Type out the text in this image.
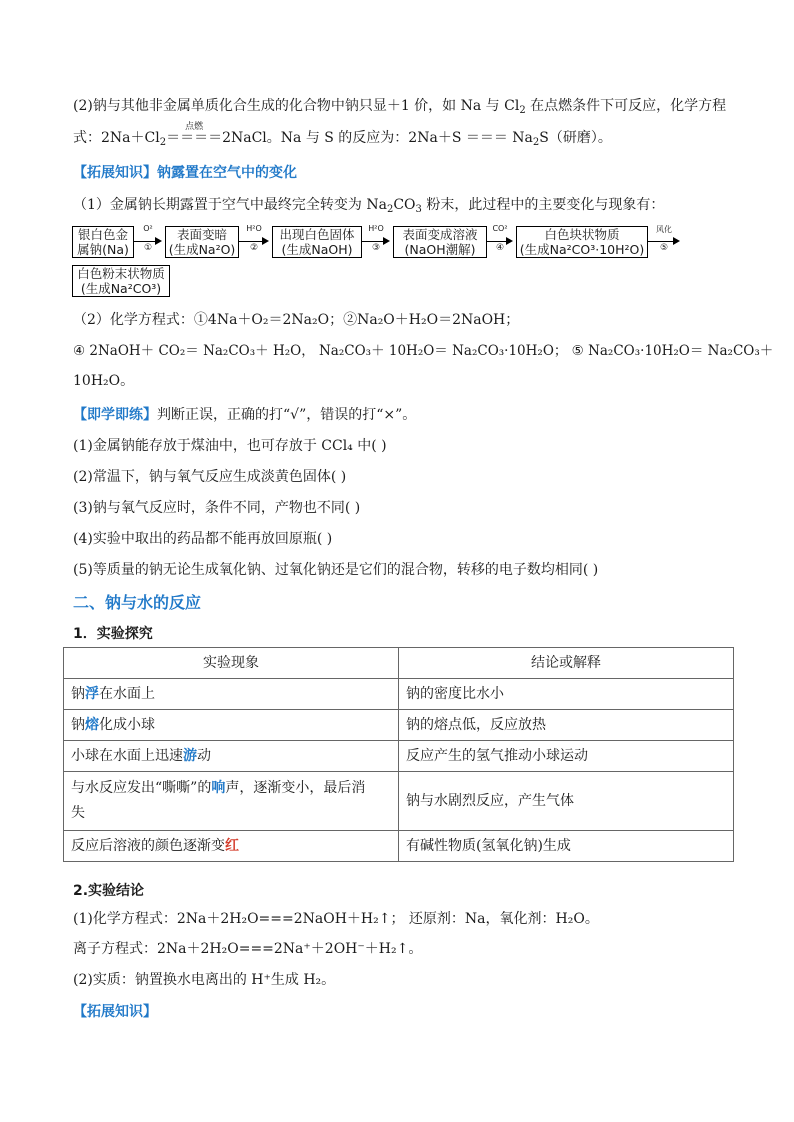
(2)钠与其他非金属单质化合生成的化合物中钠只显＋1 价，如 Na 与 $Cl_2$ 在点燃条件下可反应，化学方程
式：$2Na+Cl_2$
点燃
＝＝＝＝2NaCl。Na 与 S 的反应为：2Na＋S ＝＝＝ $Na_2S$（研磨）。
【拓展知识】钠露置在空气中的变化
（1）金属钠长期露置于空气中最终完全转变为 $Na_2CO_3$ 粉末，此过程中的主要变化与现象有：
银白色金
属钠(Na)
O²
①
表面变暗
(生成Na²O)
H²O
②
出现白色固体
(生成NaOH)
H²O
③
表面变成溶液
(NaOH潮解)
CO²
④
白色块状物质
(生成Na²CO³·10H²O)
风化
⑤
白色粉末状物质
(生成Na²CO³)
（2）化学方程式：①4Na＋O₂＝2Na₂O；②Na₂O＋H₂O＝2NaOH；
④ 2NaOH＋ CO₂＝ Na₂CO₃＋ H₂O， Na₂CO₃＋ 10H₂O＝ Na₂CO₃·10H₂O； ⑤ Na₂CO₃·10H₂O＝ Na₂CO₃＋
10H₂O。
【即学即练】判断正误，正确的打“√”，错误的打“×”。
(1)金属钠能存放于煤油中，也可存放于 CCl₄ 中( )
(2)常温下，钠与氧气反应生成淡黄色固体( )
(3)钠与氧气反应时，条件不同，产物也不同( )
(4)实验中取出的药品都不能再放回原瓶( )
(5)等质量的钠无论生成氧化钠、过氧化钠还是它们的混合物，转移的电子数均相同( )
二、钠与水的反应
1．实验探究
实验现象	结论或解释
钠浮在水面上	钠的密度比水小
钠熔化成小球	钠的熔点低，反应放热
小球在水面上迅速游动	反应产生的氢气推动小球运动
与水反应发出“嘶嘶”的响声，逐渐变小，最后消
失	钠与水剧烈反应，产生气体
反应后溶液的颜色逐渐变红	有碱性物质(氢氧化钠)生成
2.实验结论
(1)化学方程式：2Na＋2H₂O===2NaOH＋H₂↑； 还原剂：Na，氧化剂：H₂O。
离子方程式：2Na＋2H₂O===2Na⁺＋2OH⁻＋H₂↑。
(2)实质：钠置换水电离出的 H⁺生成 H₂。
【拓展知识】
